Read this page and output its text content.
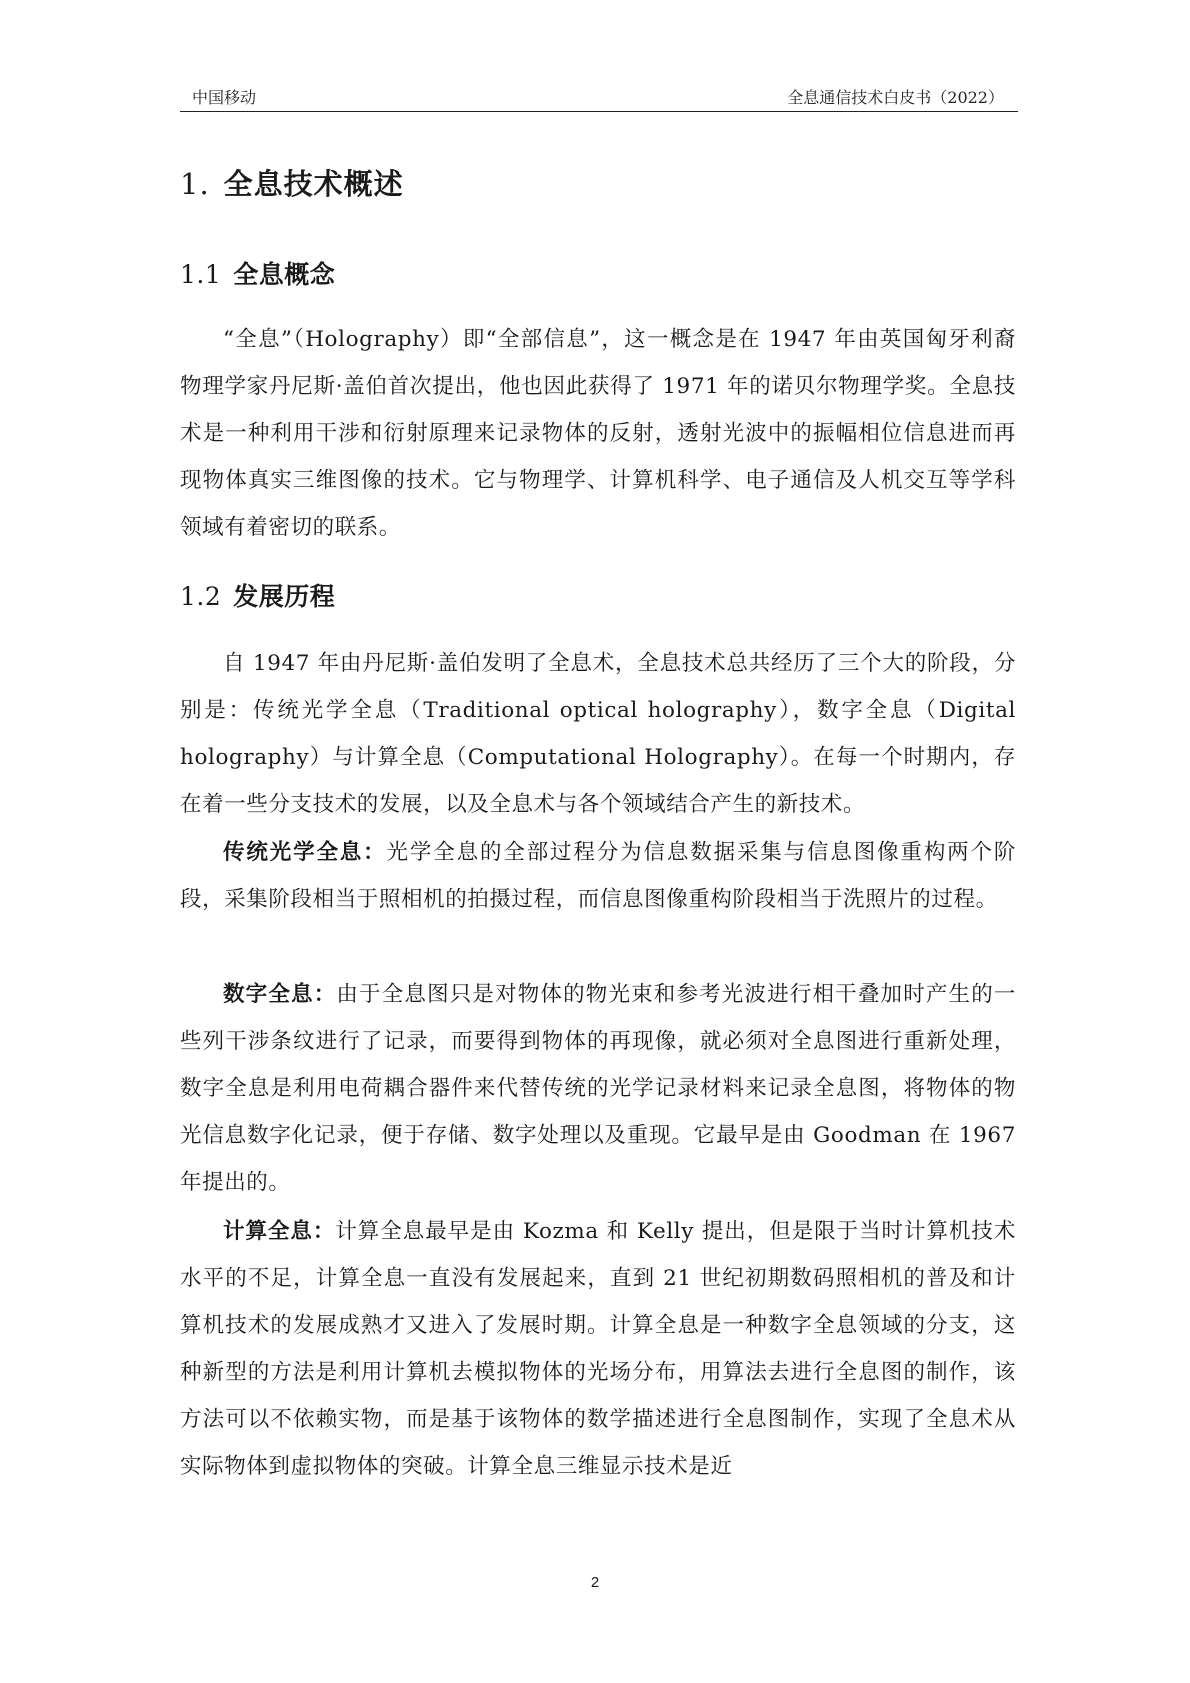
中国移动	全息通信技术白皮书（2022）
1. 全息技术概述
1.1 全息概念

“全息”（Holography）即“全部信息”，这一概念是在 1947 年由英国匈牙利裔物理学家丹尼斯·盖伯首次提出，他也因此获得了 1971 年的诺贝尔物理学奖。全息技术是一种利用干涉和衍射原理来记录物体的反射，透射光波中的振幅相位信息进而再现物体真实三维图像的技术。它与物理学、计算机科学、电子通信及人机交互等学科领域有着密切的联系。

1.2 发展历程

自 1947 年由丹尼斯·盖伯发明了全息术，全息技术总共经历了三个大的阶段，分别是：传统光学全息（Traditional optical holography），数字全息（Digital holography）与计算全息（Computational Holography）。在每一个时期内，存在着一些分支技术的发展，以及全息术与各个领域结合产生的新技术。

传统光学全息：光学全息的全部过程分为信息数据采集与信息图像重构两个阶段，采集阶段相当于照相机的拍摄过程，而信息图像重构阶段相当于洗照片的过程。

数字全息：由于全息图只是对物体的物光束和参考光波进行相干叠加时产生的一些列干涉条纹进行了记录，而要得到物体的再现像，就必须对全息图进行重新处理，数字全息是利用电荷耦合器件来代替传统的光学记录材料来记录全息图，将物体的物光信息数字化记录，便于存储、数字处理以及重现。它最早是由 Goodman 在 1967 年提出的。

计算全息：计算全息最早是由 Kozma 和 Kelly 提出，但是限于当时计算机技术水平的不足，计算全息一直没有发展起来，直到 21 世纪初期数码照相机的普及和计算机技术的发展成熟才又进入了发展时期。计算全息是一种数字全息领域的分支，这种新型的方法是利用计算机去模拟物体的光场分布，用算法去进行全息图的制作，该方法可以不依赖实物，而是基于该物体的数学描述进行全息图制作，实现了全息术从实际物体到虚拟物体的突破。计算全息三维显示技术是近

2
